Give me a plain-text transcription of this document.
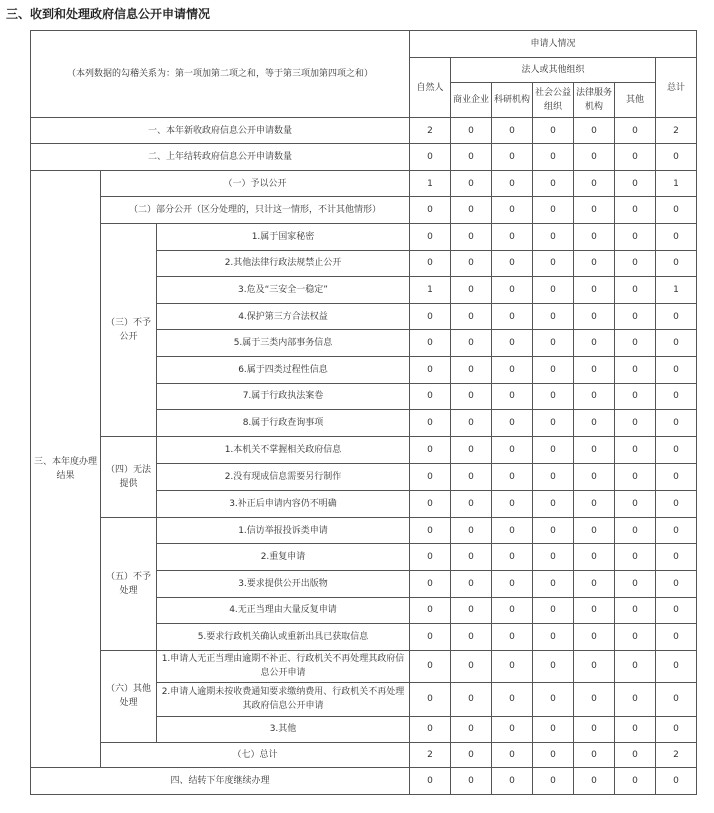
三、收到和处理政府信息公开申请情况
（本列数据的勾稽关系为：第一项加第二项之和，等于第三项加第四项之和）			申请人情况						
			自然人	法人或其他组织					总计
				商业企业	科研机构	社会公益组织	法律服务机构	其他	
一、本年新收政府信息公开申请数量			2	0	0	0	0	0	2
二、上年结转政府信息公开申请数量			0	0	0	0	0	0	0
三、本年度办理结果	（一）予以公开		1	0	0	0	0	0	1
	（二）部分公开（区分处理的，只计这一情形，不计其他情形）		0	0	0	0	0	0	0
	（三）不予公开	1.属于国家秘密	0	0	0	0	0	0	0
		2.其他法律行政法规禁止公开	0	0	0	0	0	0	0
		3.危及“三安全一稳定”	1	0	0	0	0	0	1
		4.保护第三方合法权益	0	0	0	0	0	0	0
		5.属于三类内部事务信息	0	0	0	0	0	0	0
		6.属于四类过程性信息	0	0	0	0	0	0	0
		7.属于行政执法案卷	0	0	0	0	0	0	0
		8.属于行政查询事项	0	0	0	0	0	0	0
	（四）无法提供	1.本机关不掌握相关政府信息	0	0	0	0	0	0	0
		2.没有现成信息需要另行制作	0	0	0	0	0	0	0
		3.补正后申请内容仍不明确	0	0	0	0	0	0	0
	（五）不予处理	1.信访举报投诉类申请	0	0	0	0	0	0	0
		2.重复申请	0	0	0	0	0	0	0
		3.要求提供公开出版物	0	0	0	0	0	0	0
		4.无正当理由大量反复申请	0	0	0	0	0	0	0
		5.要求行政机关确认或重新出具已获取信息	0	0	0	0	0	0	0
	（六）其他处理	1.申请人无正当理由逾期不补正、行政机关不再处理其政府信息公开申请	0	0	0	0	0	0	0
		2.申请人逾期未按收费通知要求缴纳费用、行政机关不再处理其政府信息公开申请	0	0	0	0	0	0	0
		3.其他	0	0	0	0	0	0	0
	（七）总计		2	0	0	0	0	0	2
四、结转下年度继续办理			0	0	0	0	0	0	0
